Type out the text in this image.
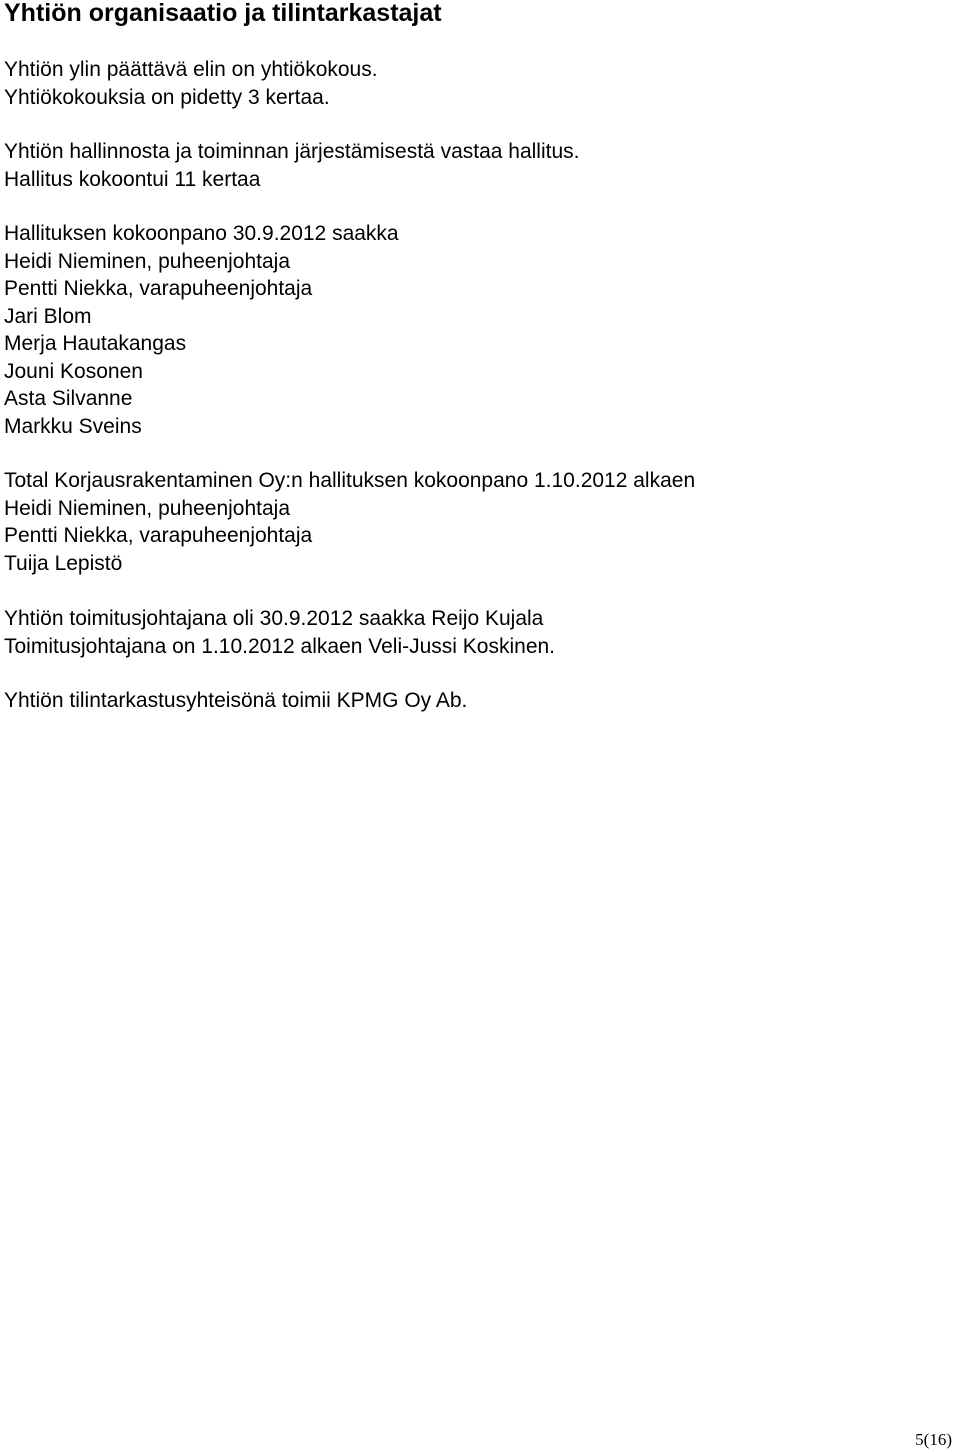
Yhtiön organisaatio ja tilintarkastajat
Yhtiön ylin päättävä elin on yhtiökokous.
Yhtiökokouksia on pidetty 3 kertaa.
Yhtiön hallinnosta ja toiminnan järjestämisestä vastaa hallitus.
Hallitus kokoontui 11 kertaa
Hallituksen kokoonpano 30.9.2012 saakka
Heidi Nieminen, puheenjohtaja
Pentti Niekka, varapuheenjohtaja
Jari Blom
Merja Hautakangas
Jouni Kosonen
Asta Silvanne
Markku Sveins
Total Korjausrakentaminen Oy:n hallituksen kokoonpano 1.10.2012 alkaen
Heidi Nieminen, puheenjohtaja
Pentti Niekka, varapuheenjohtaja
Tuija Lepistö
Yhtiön toimitusjohtajana oli 30.9.2012 saakka Reijo Kujala
Toimitusjohtajana on 1.10.2012 alkaen Veli-Jussi Koskinen.
Yhtiön tilintarkastusyhteisönä toimii KPMG Oy Ab.
5(16)
